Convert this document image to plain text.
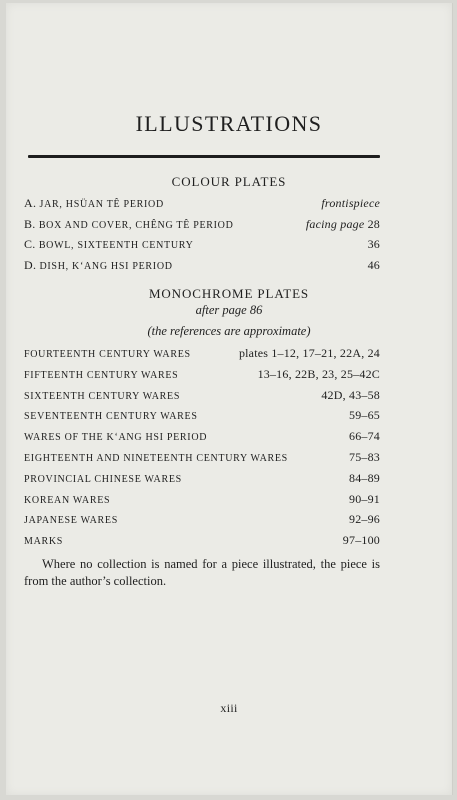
ILLUSTRATIONS
COLOUR PLATES
A. JAR, HSÜAN TÊ PERIOD	frontispiece
B. BOX AND COVER, CHÊNG TÊ PERIOD	facing page 28
C. BOWL, SIXTEENTH CENTURY	36
D. DISH, K‘ANG HSI PERIOD	46
MONOCHROME PLATES
after page 86
(the references are approximate)
FOURTEENTH CENTURY WARES	plates 1–12, 17–21, 22A, 24
FIFTEENTH CENTURY WARES	13–16, 22B, 23, 25–42C
SIXTEENTH CENTURY WARES	42D, 43–58
SEVENTEENTH CENTURY WARES	59–65
WARES OF THE K‘ANG HSI PERIOD	66–74
EIGHTEENTH AND NINETEENTH CENTURY WARES	75–83
PROVINCIAL CHINESE WARES	84–89
KOREAN WARES	90–91
JAPANESE WARES	92–96
MARKS	97–100
Where no collection is named for a piece illustrated, the piece is from the author’s collection.
xiii
